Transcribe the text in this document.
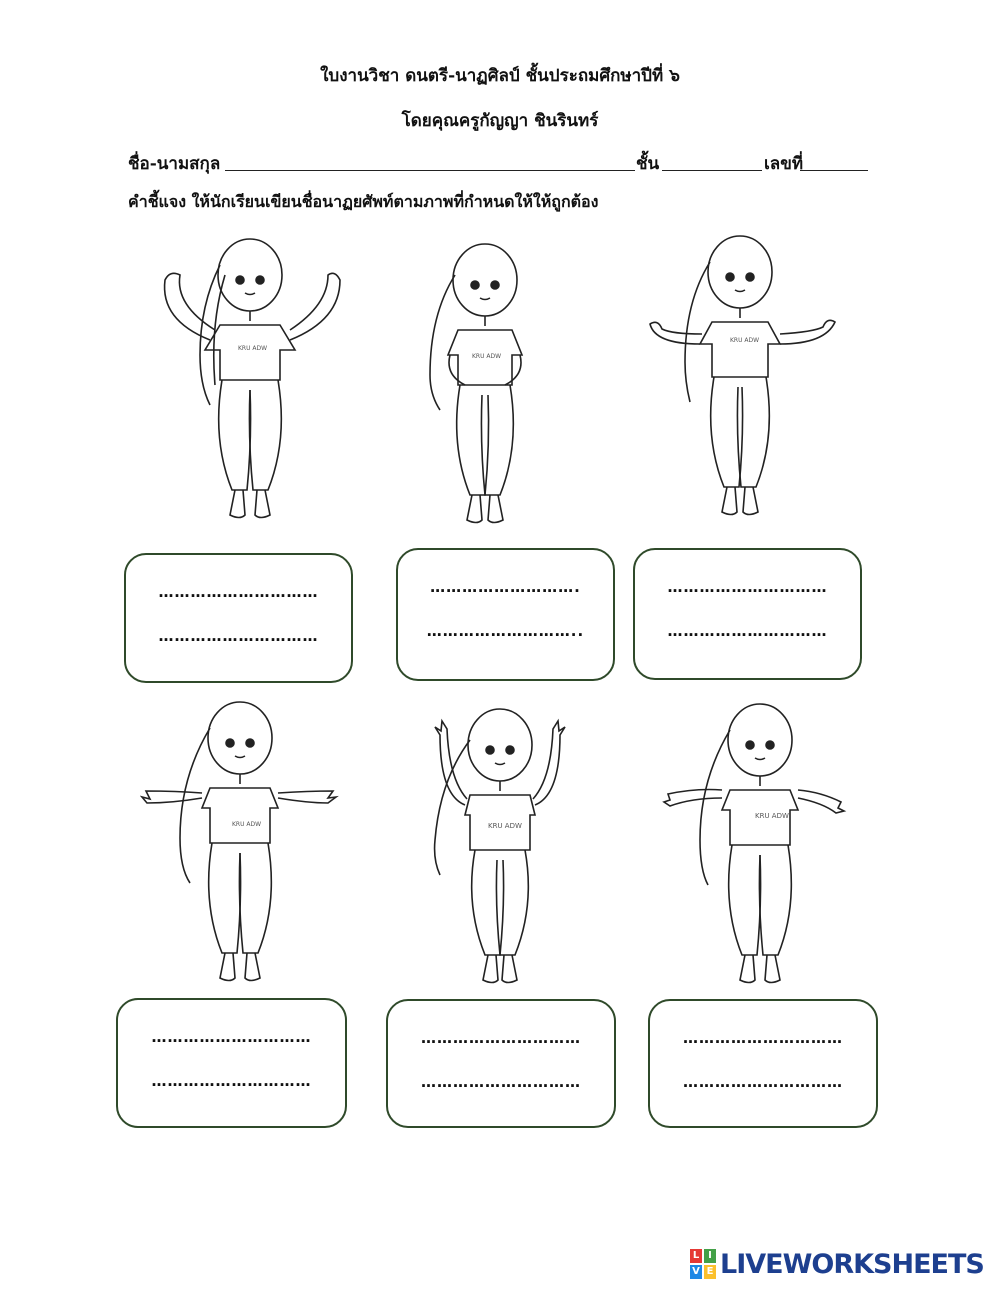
ใบงานวิชา ดนตรี-นาฏศิลป์ ชั้นประถมศึกษาปีที่ ๖
โดยคุณครูกัญญา ชินรินทร์
ชื่อ-นามสกุล	ชั้น	เลขที่
คำชี้แจง ให้นักเรียนเขียนชื่อนาฏยศัพท์ตามภาพที่กำหนดให้ให้ถูกต้อง
KRU ADW
KRU ADW
KRU ADW
KRU ADW	KRU ADW
KRU ADW
…………………………
…………………………
……………………….
………………………..
…………………………
…………………………
…………………………
…………………………
…………………………
…………………………
…………………………
…………………………
L I
V E LIVEWORKSHEETS
